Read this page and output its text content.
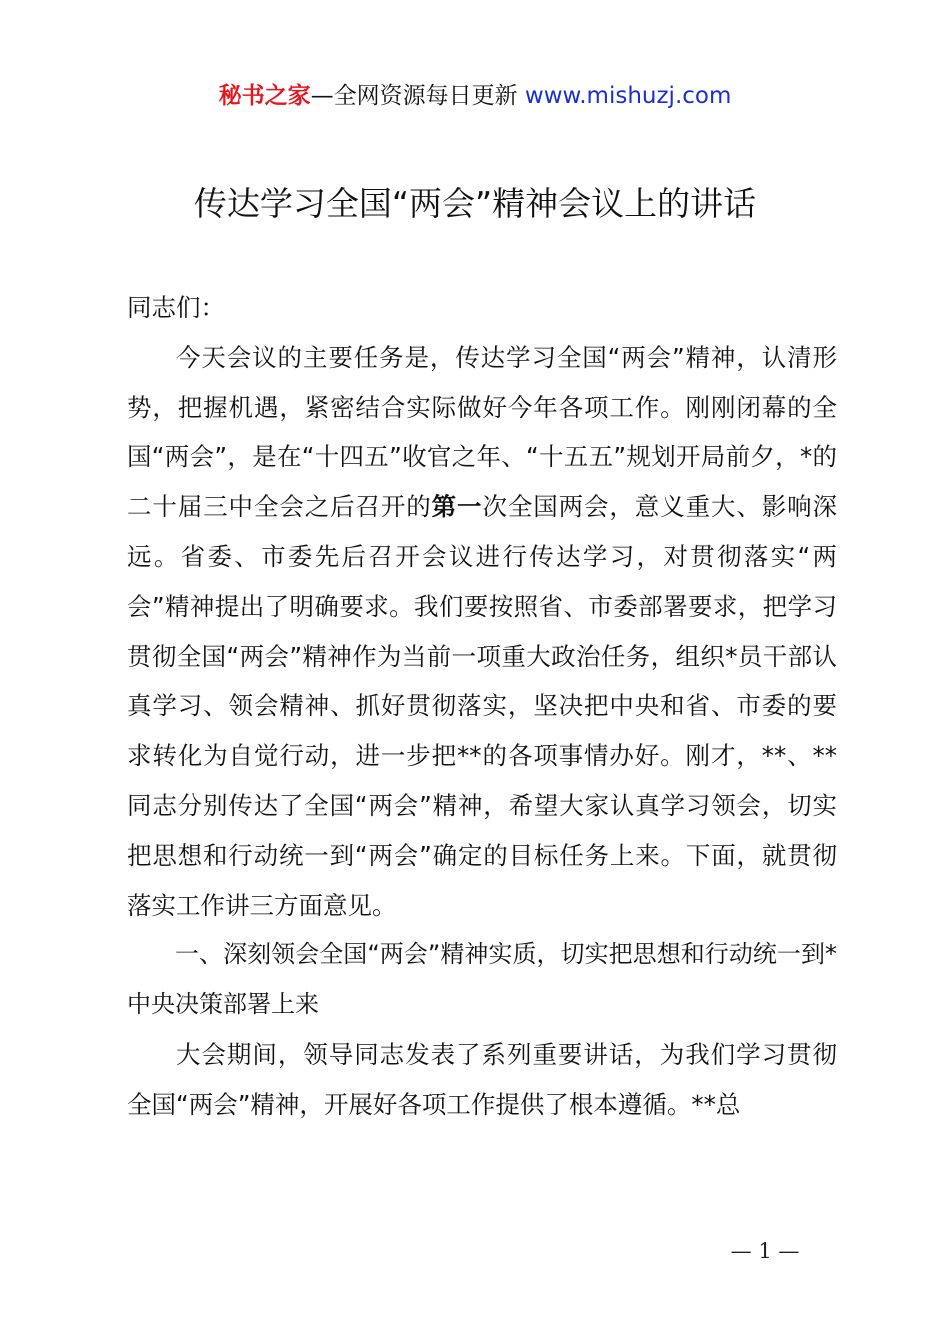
秘书之家—全网资源每日更新 www.mishuzj.com
传达学习全国“两会”精神会议上的讲话

同志们：

今天会议的主要任务是，传达学习全国“两会”精神，认清形势，把握机遇，紧密结合实际做好今年各项工作。刚刚闭幕的全国“两会”，是在“十四五”收官之年、“十五五”规划开局前夕，*的二十届三中全会之后召开的第一次全国两会，意义重大、影响深远。省委、市委先后召开会议进行传达学习，对贯彻落实“两会”精神提出了明确要求。我们要按照省、市委部署要求，把学习贯彻全国“两会”精神作为当前一项重大政治任务，组织*员干部认真学习、领会精神、抓好贯彻落实，坚决把中央和省、市委的要求转化为自觉行动，进一步把**的各项事情办好。刚才，**、**同志分别传达了全国“两会”精神，希望大家认真学习领会，切实把思想和行动统一到“两会”确定的目标任务上来。下面，就贯彻落实工作讲三方面意见。

一、深刻领会全国“两会”精神实质，切实把思想和行动统一到*中央决策部署上来

大会期间，领导同志发表了系列重要讲话，为我们学习贯彻全国“两会”精神，开展好各项工作提供了根本遵循。**总

— 1 —
